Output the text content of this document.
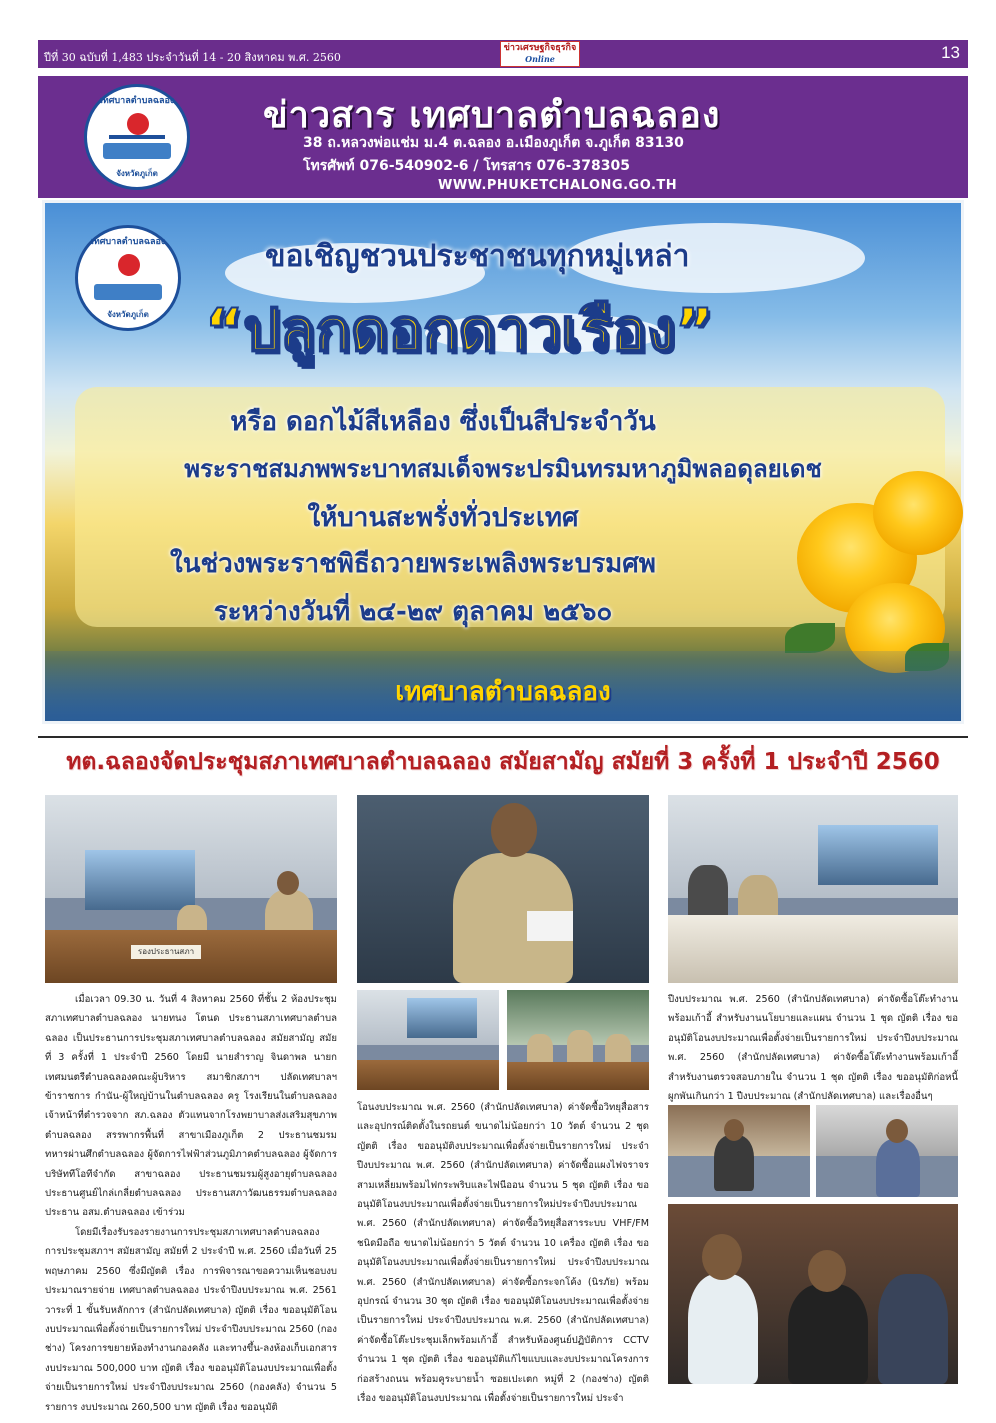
ปีที่ 30 ฉบับที่ 1,483 ประจำวันที่ 14 - 20 สิงหาคม พ.ศ. 2560
ข่าวเศรษฐกิจธุรกิจ
Online	13
เทศบาลตำบลฉลอง
จังหวัดภูเก็ต
ข่าวสาร เทศบาลตำบลฉลอง
38 ถ.หลวงพ่อแช่ม ม.4 ต.ฉลอง อ.เมืองภูเก็ต จ.ภูเก็ต 83130
โทรศัพท์ 076-540902-6 / โทรสาร 076-378305
WWW.PHUKETCHALONG.GO.TH
เทศบาลตำบลฉลอง
จังหวัดภูเก็ต
ขอเชิญชวนประชาชนทุกหมู่เหล่า
“ปลูกดอกดาวเรือง”
หรือ ดอกไม้สีเหลือง ซึ่งเป็นสีประจำวัน
พระราชสมภพพระบาทสมเด็จพระปรมินทรมหาภูมิพลอดุลยเดช
ให้บานสะพรั่งทั่วประเทศ
ในช่วงพระราชพิธีถวายพระเพลิงพระบรมศพ
ระหว่างวันที่ ๒๔-๒๙ ตุลาคม ๒๕๖๐
เทศบาลตำบลฉลอง
ทต.ฉลองจัดประชุมสภาเทศบาลตำบลฉลอง สมัยสามัญ สมัยที่ 3 ครั้งที่ 1 ประจำปี 2560
รองประธานสภา

เมื่อเวลา 09.30 น. วันที่ 4 สิงหาคม 2560 ที่ชั้น 2 ห้องประชุมสภาเทศบาลตำบลฉลอง นายทนง โตนด ประธานสภาเทศบาลตำบลฉลอง เป็นประธานการประชุมสภาเทศบาลตำบลฉลอง สมัยสามัญ สมัยที่ 3 ครั้งที่ 1 ประจำปี 2560 โดยมี นายสำราญ จินดาพล นายกเทศมนตรีตำบลฉลองคณะผู้บริหาร สมาชิกสภาฯ ปลัดเทศบาลฯ ข้าราชการ กำนัน-ผู้ใหญ่บ้านในตำบลฉลอง ครู โรงเรียนในตำบลฉลอง เจ้าหน้าที่ตำรวจจาก สภ.ฉลอง ตัวแทนจากโรงพยาบาลส่งเสริมสุขภาพตำบลฉลอง สรรพากรพื้นที่ สาขาเมืองภูเก็ต 2 ประธานชมรมทหารผ่านศึกตำบลฉลอง ผู้จัดการไฟฟ้าส่วนภูมิภาคตำบลฉลอง ผู้จัดการบริษัททีโอทีจำกัด สาขาฉลอง ประธานชมรมผู้สูงอายุตำบลฉลอง ประธานศูนย์ไกล่เกลี่ยตำบลฉลอง ประธานสภาวัฒนธรรมตำบลฉลอง ประธาน อสม.ตำบลฉลอง เข้าร่วม

โดยมีเรื่องรับรองรายงานการประชุมสภาเทศบาลตำบลฉลอง การประชุมสภาฯ สมัยสามัญ สมัยที่ 2 ประจำปี พ.ศ. 2560 เมื่อวันที่ 25 พฤษภาคม 2560 ซึ่งมีญัตติ เรื่อง การพิจารณาขอความเห็นชอบงบประมาณรายจ่าย เทศบาลตำบลฉลอง ประจำปีงบประมาณ พ.ศ. 2561 วาระที่ 1 ขั้นรับหลักการ (สำนักปลัดเทศบาล) ญัตติ เรื่อง ขออนุมัติโอนงบประมาณเพื่อตั้งจ่ายเป็นรายการใหม่ ประจำปีงบประมาณ 2560 (กองช่าง) โครงการขยายห้องทำงานกองคลัง และทางขึ้น-ลงห้องเก็บเอกสาร งบประมาณ 500,000 บาท ญัตติ เรื่อง ขออนุมัติโอนงบประมาณเพื่อตั้งจ่ายเป็นรายการใหม่ ประจำปีงบประมาณ 2560 (กองคลัง) จำนวน 5 รายการ งบประมาณ 260,500 บาท ญัตติ เรื่อง ขออนุมัติ

โอนงบประมาณ พ.ศ. 2560 (สำนักปลัดเทศบาล) ค่าจัดซื้อวิทยุสื่อสารและอุปกรณ์ติดตั้งในรถยนต์ ขนาดไม่น้อยกว่า 10 วัตต์ จำนวน 2 ชุด ญัตติ เรื่อง ขออนุมัติงบประมาณเพื่อตั้งจ่ายเป็นรายการใหม่ ประจำปีงบประมาณ พ.ศ. 2560 (สำนักปลัดเทศบาล) ค่าจัดซื้อแผงไฟจราจรสามเหลี่ยมพร้อมไฟกระพริบและไฟนีออน จำนวน 5 ชุด ญัตติ เรื่อง ขออนุมัติโอนงบประมาณเพื่อตั้งจ่ายเป็นรายการใหม่ประจำปีงบประมาณ พ.ศ. 2560 (สำนักปลัดเทศบาล) ค่าจัดซื้อวิทยุสื่อสารระบบ VHF/FM ชนิดมือถือ ขนาดไม่น้อยกว่า 5 วัตต์ จำนวน 10 เครื่อง ญัตติ เรื่อง ขออนุมัติโอนงบประมาณเพื่อตั้งจ่ายเป็นรายการใหม่ ประจำปีงบประมาณ พ.ศ. 2560 (สำนักปลัดเทศบาล) ค่าจัดซื้อกระจกโค้ง (นิรภัย) พร้อมอุปกรณ์ จำนวน 30 ชุด ญัตติ เรื่อง ขออนุมัติโอนงบประมาณเพื่อตั้งจ่ายเป็นรายการใหม่ ประจำปีงบประมาณ พ.ศ. 2560 (สำนักปลัดเทศบาล) ค่าจัดซื้อโต๊ะประชุมเล็กพร้อมเก้าอี้ สำหรับห้องศูนย์ปฏิบัติการ CCTV จำนวน 1 ชุด ญัตติ เรื่อง ขออนุมัติแก้ไขแบบและงบประมาณโครงการก่อสร้างถนน พร้อมคูระบายน้ำ ซอยเปะเตก หมู่ที่ 2 (กองช่าง) ญัตติ เรื่อง ขออนุมัติโอนงบประมาณ เพื่อตั้งจ่ายเป็นรายการใหม่ ประจำ

ปีงบประมาณ พ.ศ. 2560 (สำนักปลัดเทศบาล) ค่าจัดซื้อโต๊ะทำงานพร้อมเก้าอี้ สำหรับงานนโยบายและแผน จำนวน 1 ชุด ญัตติ เรื่อง ขออนุมัติโอนงบประมาณเพื่อตั้งจ่ายเป็นรายการใหม่ ประจำปีงบประมาณ พ.ศ. 2560 (สำนักปลัดเทศบาล) ค่าจัดซื้อโต๊ะทำงานพร้อมเก้าอี้ สำหรับงานตรวจสอบภายใน จำนวน 1 ชุด ญัตติ เรื่อง ขออนุมัติก่อหนี้ผูกพันเกินกว่า 1 ปีงบประมาณ (สำนักปลัดเทศบาล) และเรื่องอื่นๆ
